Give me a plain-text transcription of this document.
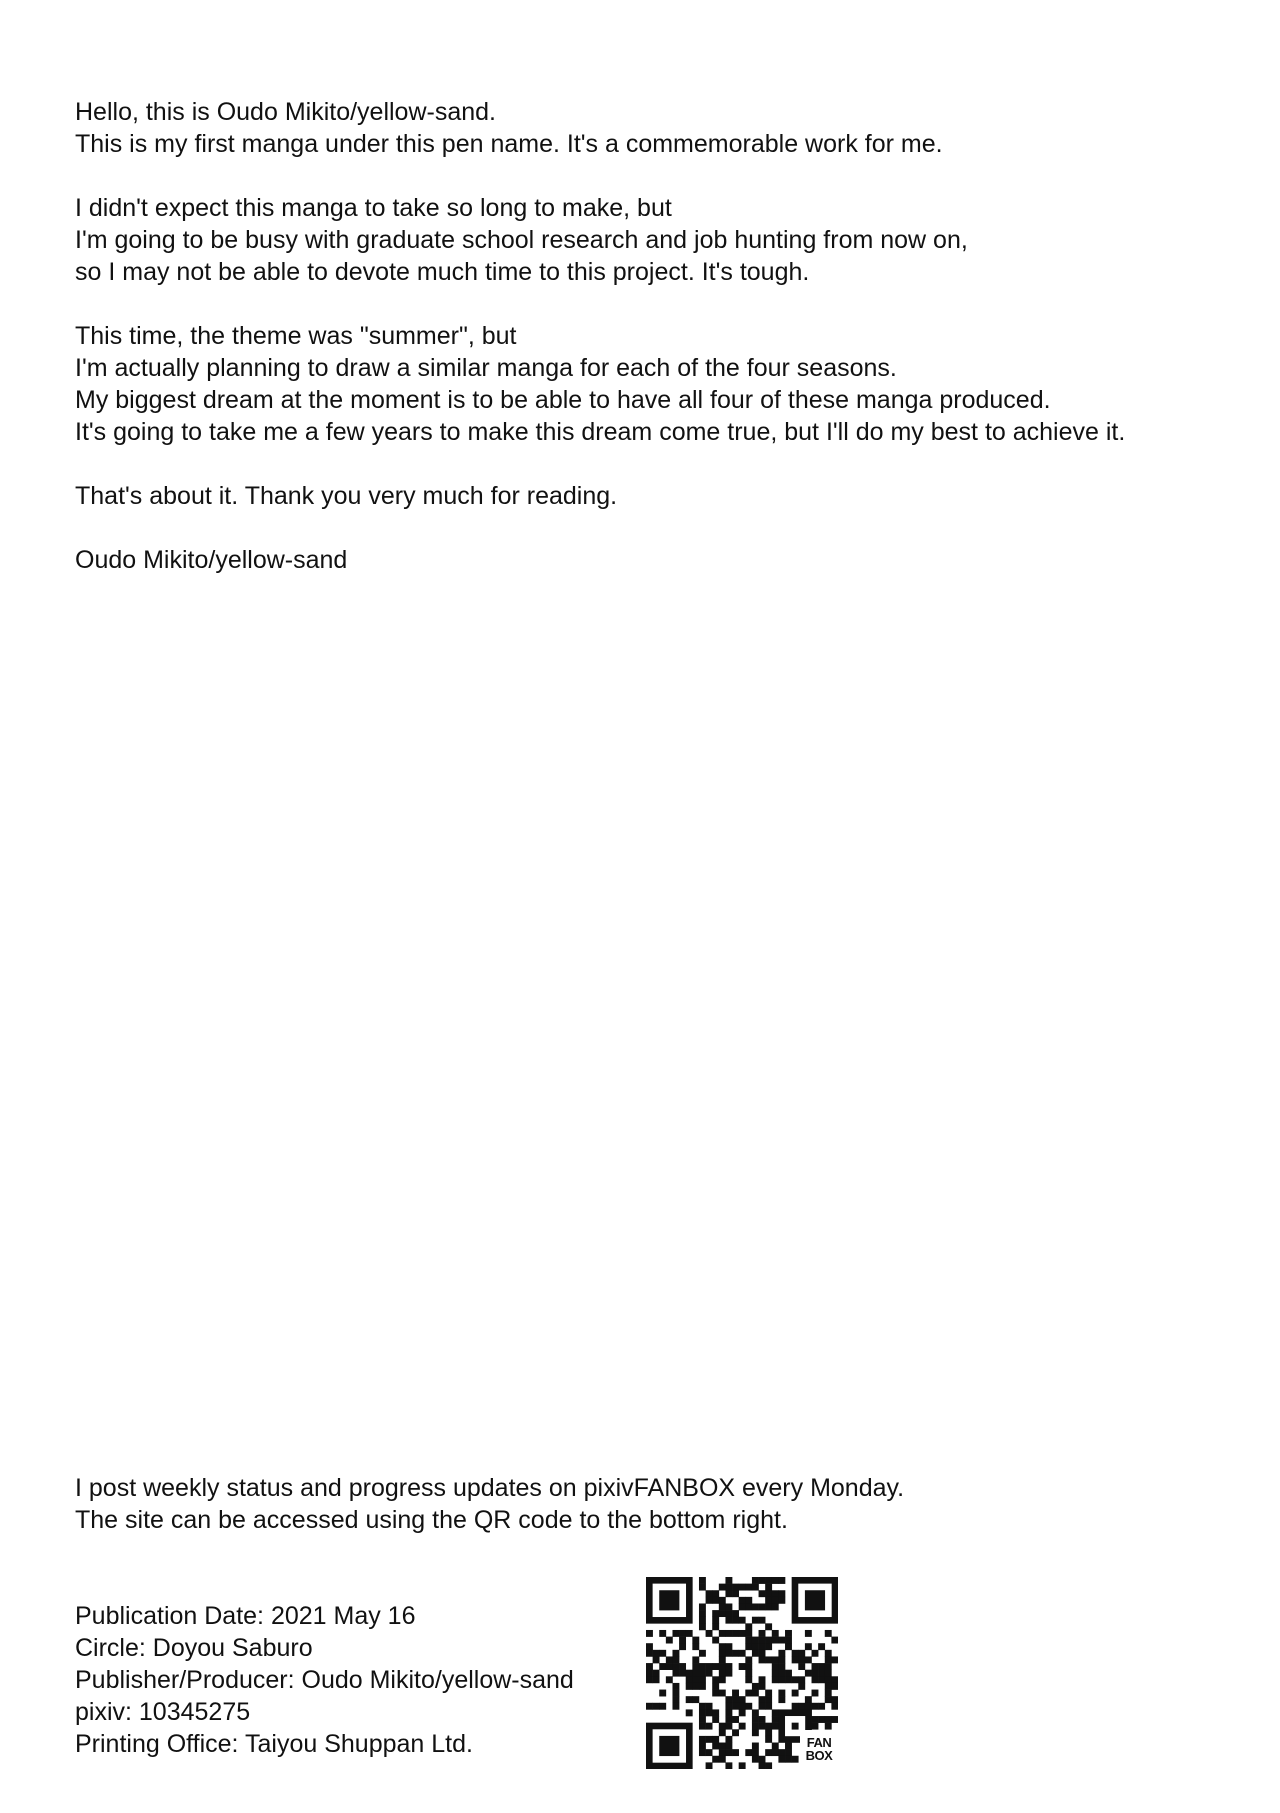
Hello, this is Oudo Mikito/yellow-sand.
This is my first manga under this pen name. It's a commemorable work for me.
I didn't expect this manga to take so long to make, but
I'm going to be busy with graduate school research and job hunting from now on,
so I may not be able to devote much time to this project. It's tough.
This time, the theme was "summer", but
I'm actually planning to draw a similar manga for each of the four seasons.
My biggest dream at the moment is to be able to have all four of these manga produced.
It's going to take me a few years to make this dream come true, but I'll do my best to achieve it.
That's about it. Thank you very much for reading.
Oudo Mikito/yellow-sand
I post weekly status and progress updates on pixivFANBOX every Monday.
The site can be accessed using the QR code to the bottom right.
Publication Date: 2021 May 16
Circle: Doyou Saburo
Publisher/Producer: Oudo Mikito/yellow-sand
pixiv: 10345275
Printing Office: Taiyou Shuppan Ltd.	FAN
BOX
